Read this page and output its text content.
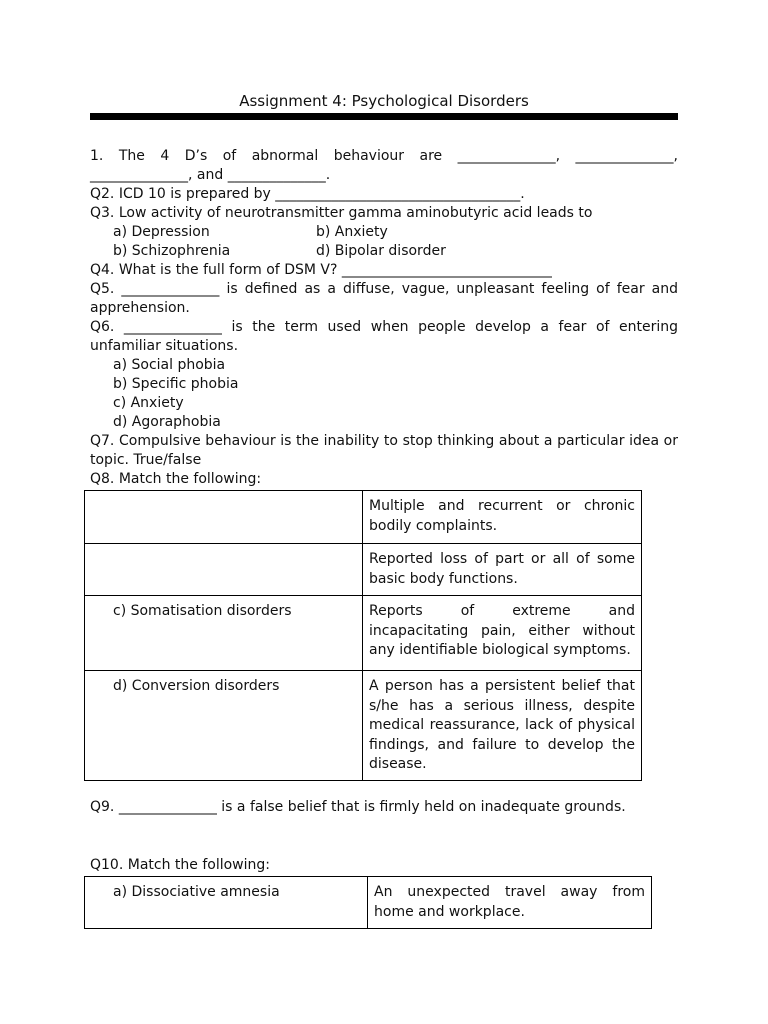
Assignment 4: Psychological Disorders
1. The 4 D’s of abnormal behaviour are ______________, ______________,
______________, and ______________.
Q2. ICD 10 is prepared by ___________________________________.
Q3. Low activity of neurotransmitter gamma aminobutyric acid leads to
a) Depression	b) Anxiety
b) Schizophrenia	d) Bipolar disorder
Q4. What is the full form of DSM V? ______________________________
Q5. ______________ is defined as a diffuse, vague, unpleasant feeling of fear and
apprehension.
Q6. ______________ is the term used when people develop a fear of entering
unfamiliar situations.
a) Social phobia
b) Specific phobia
c) Anxiety
d) Agoraphobia
Q7. Compulsive behaviour is the inability to stop thinking about a particular idea or
topic. True/false
Q8. Match the following:

	Multiple and recurrent or chronic bodily complaints.

	Reported loss of part or all of some basic body functions.

c) Somatisation disorders	Reports of extreme and incapacitating pain, either without any identifiable biological symptoms.

d) Conversion disorders	A person has a persistent belief that s/he has a serious illness, despite medical reassurance, lack of physical findings, and failure to develop the disease.
Q9. ______________ is a false belief that is firmly held on inadequate grounds.
Q10. Match the following:
a) Dissociative amnesia	An unexpected travel away from home and workplace.
